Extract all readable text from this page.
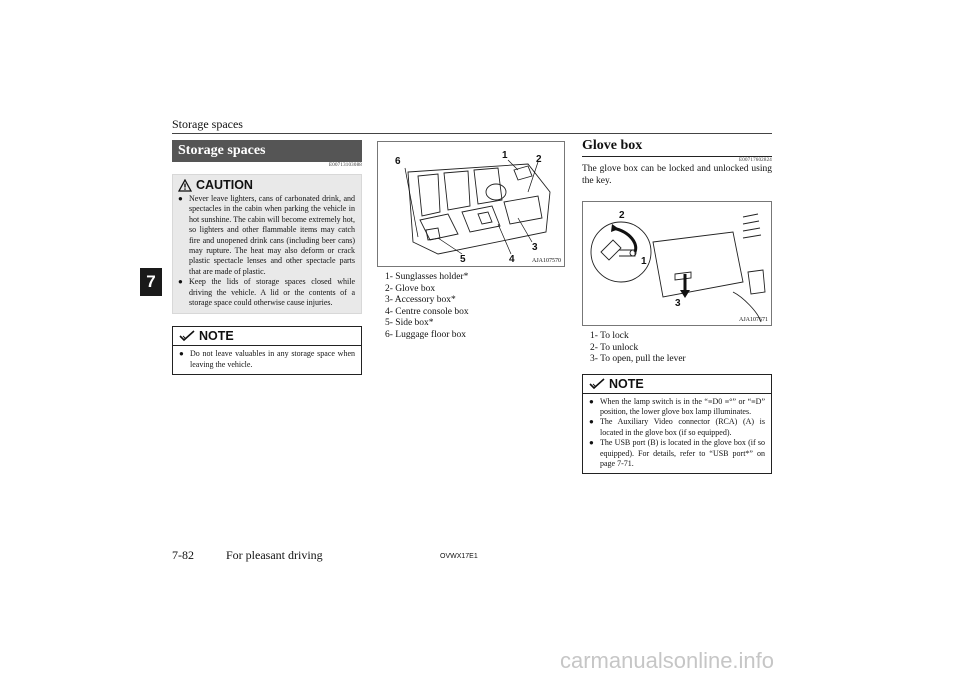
Storage spaces
7
Storage spaces
E00713103088
CAUTION
● Never leave lighters, cans of carbonated drink, and spectacles in the cabin when parking the vehicle in hot sunshine. The cabin will become extremely hot, so lighters and other flammable items may catch fire and unopened drink cans (including beer cans) may rupture. The heat may also deform or crack plastic spectacle lenses and other spectacle parts that are made of plastic.
● Keep the lids of storage spaces closed while driving the vehicle. A lid or the contents of a storage space could otherwise cause injuries.
NOTE
● Do not leave valuables in any storage space when leaving the vehicle.
6
1	2
3
4
5	AJA107570
1- Sunglasses holder*
2- Glove box
3- Accessory box*
4- Centre console box
5- Side box*
6- Luggage floor box
Glove box
E00717602824
The glove box can be locked and unlocked using the key.
2
1
3
AJA107671
1- To lock
2- To unlock
3- To open, pull the lever
NOTE
● When the lamp switch is in the “≡D0 ≡°” or “≡D” position, the lower glove box lamp illuminates.
● The Auxiliary Video connector (RCA) (A) is located in the glove box (if so equipped).
● The USB port (B) is located in the glove box (if so equipped). For details, refer to “USB port*” on page 7-71.
7-82	For pleasant driving	OVWX17E1
carmanualsonline.info
